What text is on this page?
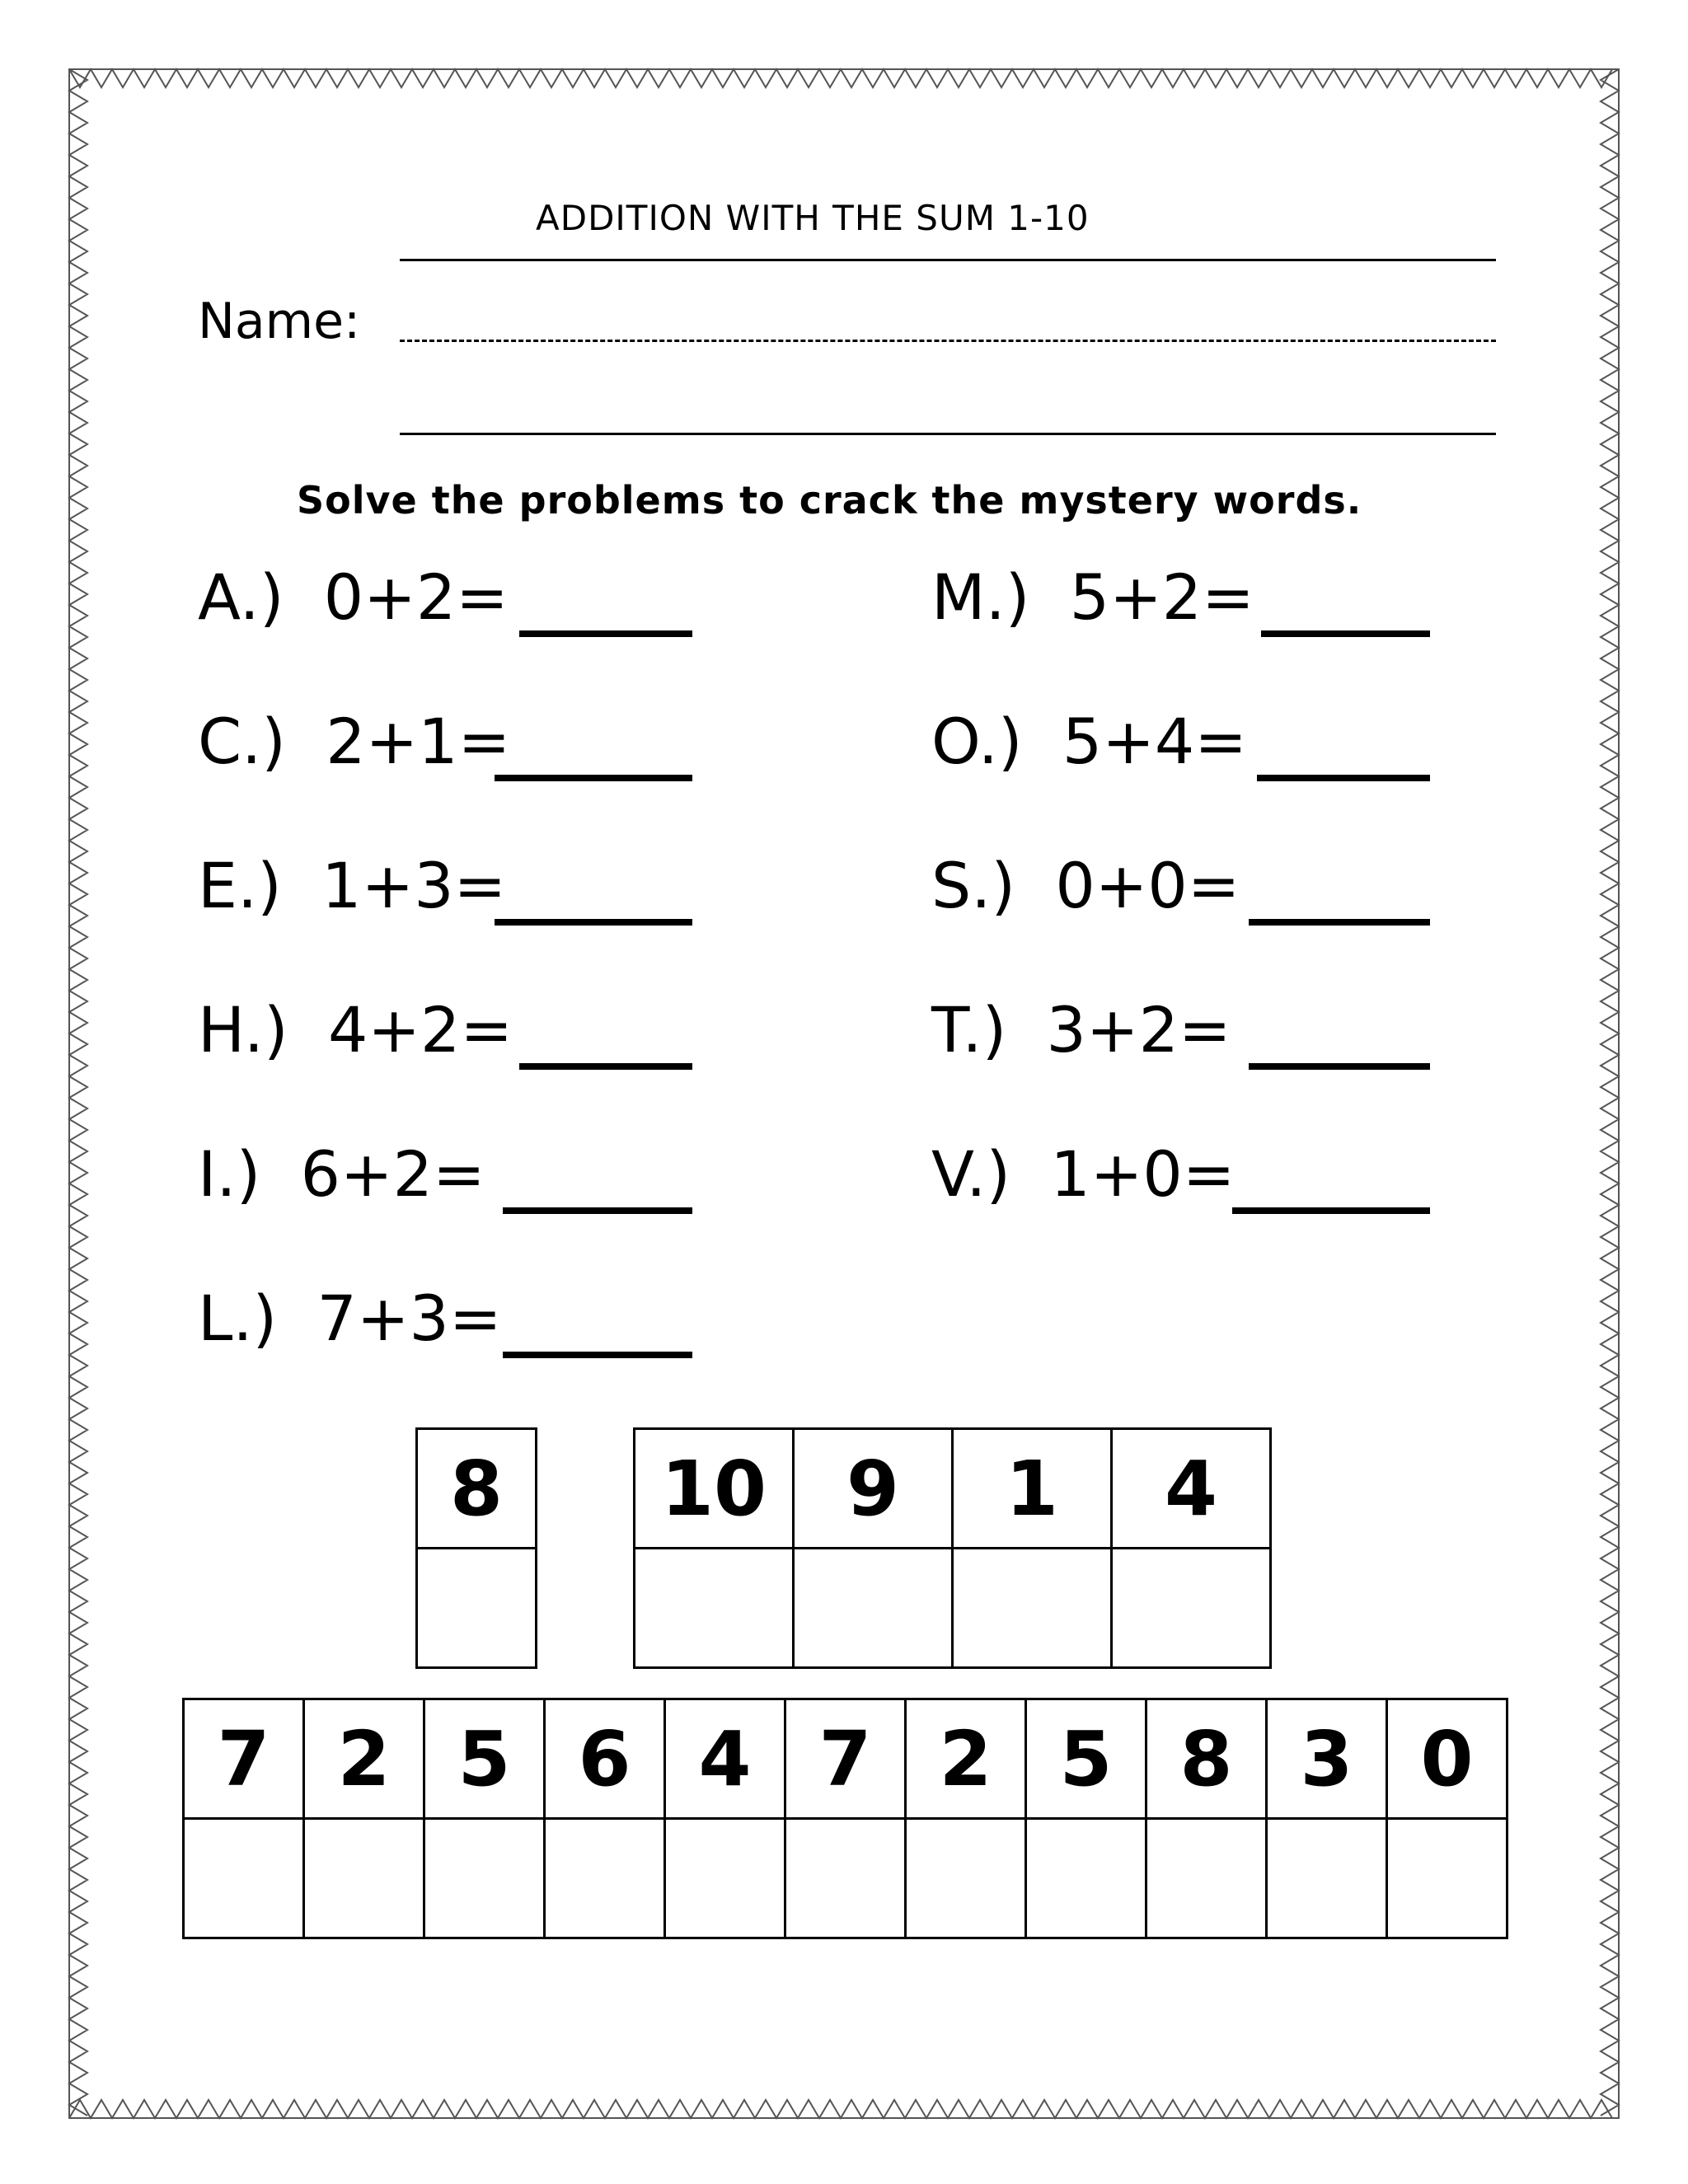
ADDITION WITH THE SUM 1-10
Name:
Solve the problems to crack the mystery words.
A.) 0+2=
C.) 2+1=
E.) 1+3=
H.) 4+2=
I.) 6+2=
L.) 7+3=
M.) 5+2=
O.) 5+4=
S.) 0+0=
T.) 3+2=
V.) 1+0=
8 10	9	1	4

7	2	5	6	4	7	2	5	8	3	0
